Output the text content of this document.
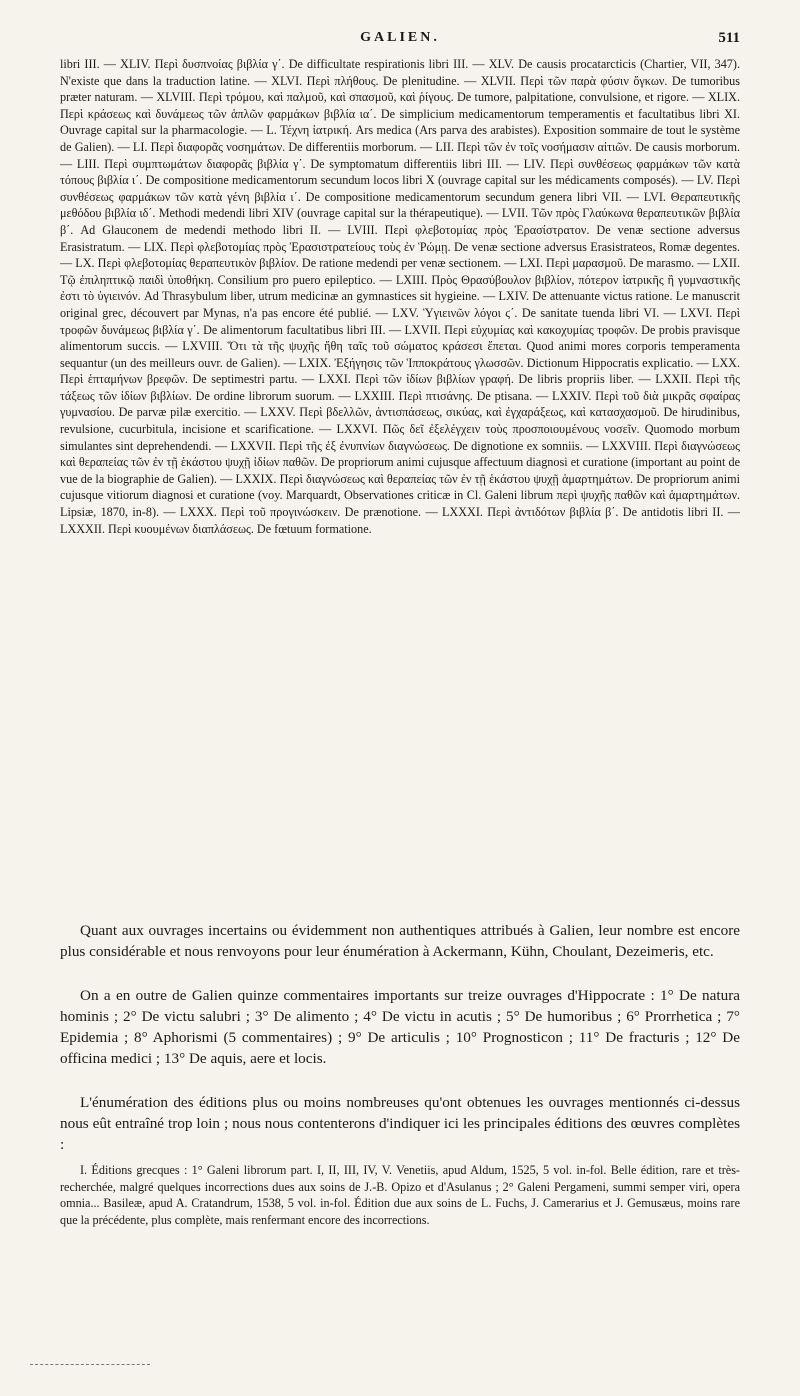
GALIEN.	511

libri III. — XLIV. Περὶ δυσπνοίας βιβλία γ΄. De difficultate respirationis libri III. — XLV. De causis procatarcticis (Chartier, VII, 347). N'existe que dans la traduction latine. — XLVI. Περὶ πλήθους. De plenitudine. — XLVII. Περὶ τῶν παρὰ φύσιν ὄγκων. De tumoribus præter naturam. — XLVIII. Περὶ τρόμου, καὶ παλμοῦ, καὶ σπασμοῦ, καὶ ῥίγους. De tumore, palpitatione, convulsione, et rigore. — XLIX. Περὶ κράσεως καὶ δυνάμεως τῶν ἁπλῶν φαρμάκων βιβλία ια΄. De simplicium medicamentorum temperamentis et facultatibus libri XI. Ouvrage capital sur la pharmacologie. — L. Τέχνη ἰατρική. Ars medica (Ars parva des arabistes). Exposition sommaire de tout le système de Galien). — LI. Περὶ διαφορᾶς νοσημάτων. De differentiis morborum. — LII. Περὶ τῶν ἐν τοῖς νοσήμασιν αἰτιῶν. De causis morborum. — LIII. Περὶ συμπτωμάτων διαφορᾶς βιβλία γ΄. De symptomatum differentiis libri III. — LIV. Περὶ συνθέσεως φαρμάκων τῶν κατὰ τόπους βιβλία ι΄. De compositione medicamentorum secundum locos libri X (ouvrage capital sur les médicaments composés). — LV. Περὶ συνθέσεως φαρμάκων τῶν κατὰ γένη βιβλία ι΄. De compositione medicamentorum secundum genera libri VII. — LVI. Θεραπευτικῆς μεθόδου βιβλία ιδ΄. Methodi medendi libri XIV (ouvrage capital sur la thérapeutique). — LVII. Τῶν πρὸς Γλαύκωνα θεραπευτικῶν βιβλία β΄. Ad Glauconem de medendi methodo libri II. — LVIII. Περὶ φλεβοτομίας πρὸς Ἐρασίστρατον. De venæ sectione adversus Erasistratum. — LIX. Περὶ φλεβοτομίας πρὸς Ἐρασιστρατείους τοὺς ἐν Ῥώμῃ. De venæ sectione adversus Erasistrateos, Romæ degentes. — LX. Περὶ φλεβοτομίας θεραπευτικὸν βιβλίον. De ratione medendi per venæ sectionem. — LXI. Περὶ μαρασμοῦ. De marasmo. — LXII. Τῷ ἐπιληπτικῷ παιδὶ ὑποθήκη. Consilium pro puero epileptico. — LXIII. Πρὸς Θρασύβουλον βιβλίον, πότερον ἰατρικῆς ἢ γυμναστικῆς ἐστι τὸ ὑγιεινόν. Ad Thrasybulum liber, utrum medicinæ an gymnastices sit hygieine. — LXIV. De attenuante victus ratione. Le manuscrit original grec, découvert par Mynas, n'a pas encore été publié. — LXV. Ὑγιεινῶν λόγοι ϛ΄. De sanitate tuenda libri VI. — LXVI. Περὶ τροφῶν δυνάμεως βιβλία γ΄. De alimentorum facultatibus libri III. — LXVII. Περὶ εὐχυμίας καὶ κακοχυμίας τροφῶν. De probis pravisque alimentorum succis. — LXVIII. Ὅτι τὰ τῆς ψυχῆς ἤθη ταῖς τοῦ σώματος κράσεσι ἕπεται. Quod animi mores corporis temperamenta sequantur (un des meilleurs ouvr. de Galien). — LXIX. Ἐξήγησις τῶν Ἱπποκράτους γλωσσῶν. Dictionum Hippocratis explicatio. — LXX. Περὶ ἑπταμήνων βρεφῶν. De septimestri partu. — LXXI. Περὶ τῶν ἰδίων βιβλίων γραφή. De libris propriis liber. — LXXII. Περὶ τῆς τάξεως τῶν ἰδίων βιβλίων. De ordine librorum suorum. — LXXIII. Περὶ πτισάνης. De ptisana. — LXXIV. Περὶ τοῦ διὰ μικρᾶς σφαίρας γυμνασίου. De parvæ pilæ exercitio. — LXXV. Περὶ βδελλῶν, ἀντισπάσεως, σικύας, καὶ ἐγχαράξεως, καὶ κατασχασμοῦ. De hirudinibus, revulsione, cucurbitula, incisione et scarificatione. — LXXVI. Πῶς δεῖ ἐξελέγχειν τοὺς προσποιουμένους νοσεῖν. Quomodo morbum simulantes sint deprehendendi. — LXXVII. Περὶ τῆς ἐξ ἐνυπνίων διαγνώσεως. De dignotione ex somniis. — LXXVIII. Περὶ διαγνώσεως καὶ θεραπείας τῶν ἐν τῇ ἑκάστου ψυχῇ ἰδίων παθῶν. De propriorum animi cujusque affectuum diagnosi et curatione (important au point de vue de la biographie de Galien). — LXXIX. Περὶ διαγνώσεως καὶ θεραπείας τῶν ἐν τῇ ἑκάστου ψυχῇ ἁμαρτημάτων. De propriorum animi cujusque vitiorum diagnosi et curatione (voy. Marquardt, Observationes criticæ in Cl. Galeni librum περὶ ψυχῆς παθῶν καὶ ἁμαρτημάτων. Lipsiæ, 1870, in-8). — LXXX. Περὶ τοῦ προγινώσκειν. De prænotione. — LXXXI. Περὶ ἀντιδότων βιβλία β΄. De antidotis libri II. — LXXXII. Περὶ κυουμένων διαπλάσεως. De fœtuum formatione.

Quant aux ouvrages incertains ou évidemment non authentiques attribués à Galien, leur nombre est encore plus considérable et nous renvoyons pour leur énumération à Ackermann, Kühn, Choulant, Dezeimeris, etc.

On a en outre de Galien quinze commentaires importants sur treize ouvrages d'Hippocrate : 1° De natura hominis ; 2° De victu salubri ; 3° De alimento ; 4° De victu in acutis ; 5° De humoribus ; 6° Prorrhetica ; 7° Epidemia ; 8° Aphorismi (5 commentaires) ; 9° De articulis ; 10° Prognosticon ; 11° De fracturis ; 12° De officina medici ; 13° De aquis, aere et locis.

L'énumération des éditions plus ou moins nombreuses qu'ont obtenues les ouvrages mentionnés ci-dessus nous eût entraîné trop loin ; nous nous contenterons d'indiquer ici les principales éditions des œuvres complètes :

I. Éditions grecques : 1° Galeni librorum part. I, II, III, IV, V. Venetiis, apud Aldum, 1525, 5 vol. in-fol. Belle édition, rare et très-recherchée, malgré quelques incorrections dues aux soins de J.-B. Opizo et d'Asulanus ; 2° Galeni Pergameni, summi semper viri, opera omnia... Basileæ, apud A. Cratandrum, 1538, 5 vol. in-fol. Édition due aux soins de L. Fuchs, J. Camerarius et J. Gemusæus, moins rare que la précédente, plus complète, mais renfermant encore des incorrections.
